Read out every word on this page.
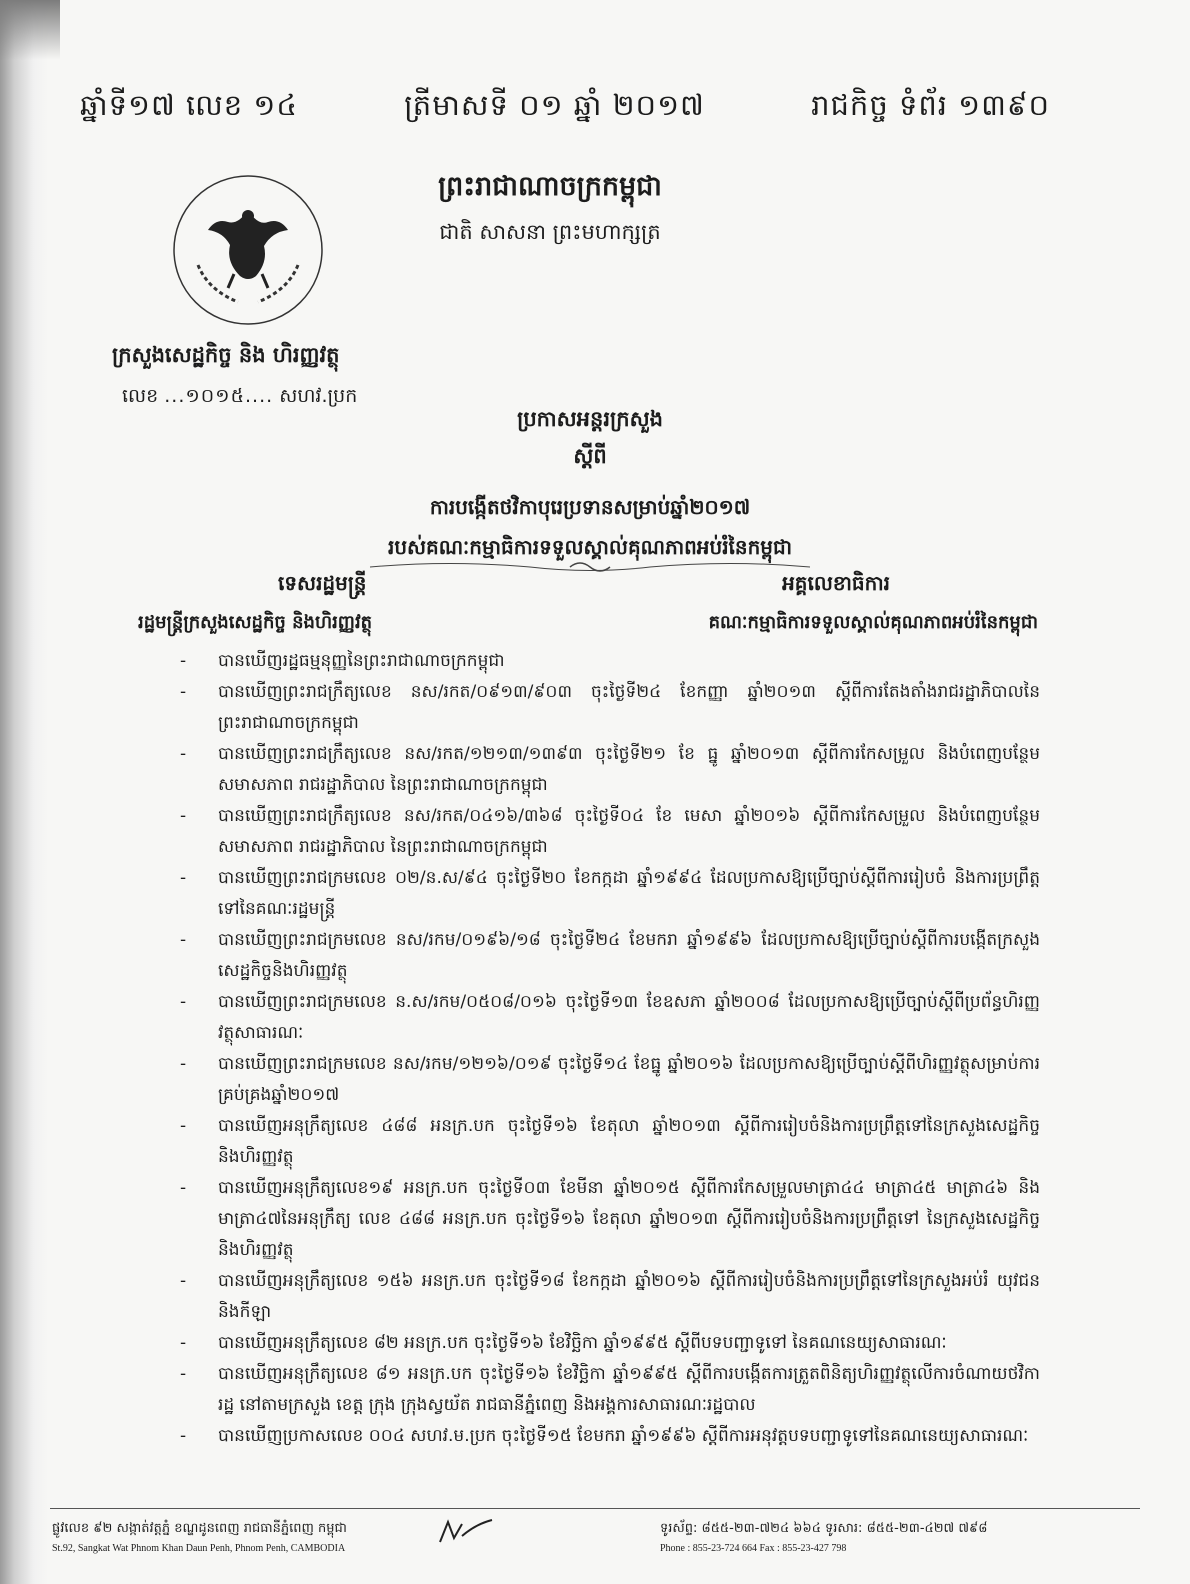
ឆ្នាំទី១៧ លេខ ១៤	ត្រីមាសទី ០១ ឆ្នាំ ២០១៧	រាជកិច្ច ទំព័រ ១៣៩០
ព្រះរាជាណាចក្រកម្ពុជា
ជាតិ សាសនា ព្រះមហាក្សត្រ
ក្រសួងសេដ្ឋកិច្ច និង ហិរញ្ញវត្ថុ
លេខ ...១០១៥.... សហវ.ប្រក
ប្រកាសអន្តរក្រសួង
ស្តីពី
ការបង្កើតថវិកាបុរេប្រទានសម្រាប់ឆ្នាំ២០១៧
របស់គណៈកម្មាធិការទទួលស្គាល់គុណភាពអប់រំនៃកម្ពុជា
ទេសរដ្ឋមន្ត្រី	អគ្គលេខាធិការ
រដ្ឋមន្ត្រីក្រសួងសេដ្ឋកិច្ច និងហិរញ្ញវត្ថុ	គណៈកម្មាធិការទទួលស្គាល់គុណភាពអប់រំនៃកម្ពុជា
- បានឃើញរដ្ឋធម្មនុញ្ញនៃព្រះរាជាណាចក្រកម្ពុជា
- បានឃើញព្រះរាជក្រឹត្យលេខ នស/រកត/០៩១៣/៩០៣ ចុះថ្ងៃទី២៤ ខែកញ្ញា ឆ្នាំ២០១៣ ស្តីពីការតែងតាំងរាជរដ្ឋាភិបាលនៃព្រះរាជាណាចក្រកម្ពុជា
- បានឃើញព្រះរាជក្រឹត្យលេខ នស/រកត/១២១៣/១៣៩៣ ចុះថ្ងៃទី២១ ខែ ធ្នូ ឆ្នាំ២០១៣ ស្តីពីការកែសម្រួល និងបំពេញបន្ថែម សមាសភាព រាជរដ្ឋាភិបាល នៃព្រះរាជាណាចក្រកម្ពុជា
- បានឃើញព្រះរាជក្រឹត្យលេខ នស/រកត/០៤១៦/៣៦៨ ចុះថ្ងៃទី០៤ ខែ មេសា ឆ្នាំ២០១៦ ស្តីពីការកែសម្រួល និងបំពេញបន្ថែម សមាសភាព រាជរដ្ឋាភិបាល នៃព្រះរាជាណាចក្រកម្ពុជា
- បានឃើញព្រះរាជក្រមលេខ ០២/ន.ស/៩៤ ចុះថ្ងៃទី២០ ខែកក្កដា ឆ្នាំ១៩៩៤ ដែលប្រកាសឱ្យប្រើច្បាប់ស្តីពីការរៀបចំ និងការប្រព្រឹត្តទៅនៃគណៈរដ្ឋមន្ត្រី
- បានឃើញព្រះរាជក្រមលេខ នស/រកម/០១៩៦/១៨ ចុះថ្ងៃទី២៤ ខែមករា ឆ្នាំ១៩៩៦ ដែលប្រកាសឱ្យប្រើច្បាប់ស្តីពីការបង្កើតក្រសួងសេដ្ឋកិច្ចនិងហិរញ្ញវត្ថុ
- បានឃើញព្រះរាជក្រមលេខ ន.ស/រកម/០៥០៨/០១៦ ចុះថ្ងៃទី១៣ ខែឧសភា ឆ្នាំ២០០៨ ដែលប្រកាសឱ្យប្រើច្បាប់ស្តីពីប្រព័ន្ធហិរញ្ញវត្ថុសាធារណៈ
- បានឃើញព្រះរាជក្រមលេខ នស/រកម/១២១៦/០១៩ ចុះថ្ងៃទី១៤ ខែធ្នូ ឆ្នាំ២០១៦ ដែលប្រកាសឱ្យប្រើច្បាប់ស្តីពីហិរញ្ញវត្ថុសម្រាប់ការគ្រប់គ្រងឆ្នាំ២០១៧
- បានឃើញអនុក្រឹត្យលេខ ៤៨៨ អនក្រ.បក ចុះថ្ងៃទី១៦ ខែតុលា ឆ្នាំ២០១៣ ស្តីពីការរៀបចំនិងការប្រព្រឹត្តទៅនៃក្រសួងសេដ្ឋកិច្ចនិងហិរញ្ញវត្ថុ
- បានឃើញអនុក្រឹត្យលេខ១៩ អនក្រ.បក ចុះថ្ងៃទី០៣ ខែមីនា ឆ្នាំ២០១៥ ស្តីពីការកែសម្រួលមាត្រា៤៤ មាត្រា៤៥ មាត្រា៤៦ និងមាត្រា៤៧នៃអនុក្រឹត្យ លេខ ៤៨៨ អនក្រ.បក ចុះថ្ងៃទី១៦ ខែតុលា ឆ្នាំ២០១៣ ស្តីពីការរៀបចំនិងការប្រព្រឹត្តទៅ នៃក្រសួងសេដ្ឋកិច្ច និងហិរញ្ញវត្ថុ
- បានឃើញអនុក្រឹត្យលេខ ១៥៦ អនក្រ.បក ចុះថ្ងៃទី១៨ ខែកក្កដា ឆ្នាំ២០១៦ ស្តីពីការរៀបចំនិងការប្រព្រឹត្តទៅនៃក្រសួងអប់រំ យុវជន និងកីឡា
- បានឃើញអនុក្រឹត្យលេខ ៨២ អនក្រ.បក ចុះថ្ងៃទី១៦ ខែវិច្ឆិកា ឆ្នាំ១៩៩៥ ស្តីពីបទបញ្ជាទូទៅ នៃគណនេយ្យសាធារណៈ
- បានឃើញអនុក្រឹត្យលេខ ៨១ អនក្រ.បក ចុះថ្ងៃទី១៦ ខែវិច្ឆិកា ឆ្នាំ១៩៩៥ ស្តីពីការបង្កើតការត្រួតពិនិត្យហិរញ្ញវត្ថុលើការចំណាយថវិការដ្ឋ នៅតាមក្រសួង ខេត្ត ក្រុង ក្រុងស្វយ័ត រាជធានីភ្នំពេញ និងអង្គការសាធារណៈរដ្ឋបាល
- បានឃើញប្រកាសលេខ ០០៤ សហវ.ម.ប្រក ចុះថ្ងៃទី១៥ ខែមករា ឆ្នាំ១៩៩៦ ស្តីពីការអនុវត្តបទបញ្ជាទូទៅនៃគណនេយ្យសាធារណៈ
ផ្លូវលេខ ៩២ សង្កាត់វត្តភ្នំ ខណ្ឌដូនពេញ រាជធានីភ្នំពេញ កម្ពុជា
St.92, Sangkat Wat Phnom Khan Daun Penh, Phnom Penh, CAMBODIA
ទូរស័ព្ទ: ៨៥៥-២៣-៧២៤ ៦៦៤ ទូរសារ: ៨៥៥-២៣-៤២៧ ៧៩៨
Phone : 855-23-724 664 Fax : 855-23-427 798
